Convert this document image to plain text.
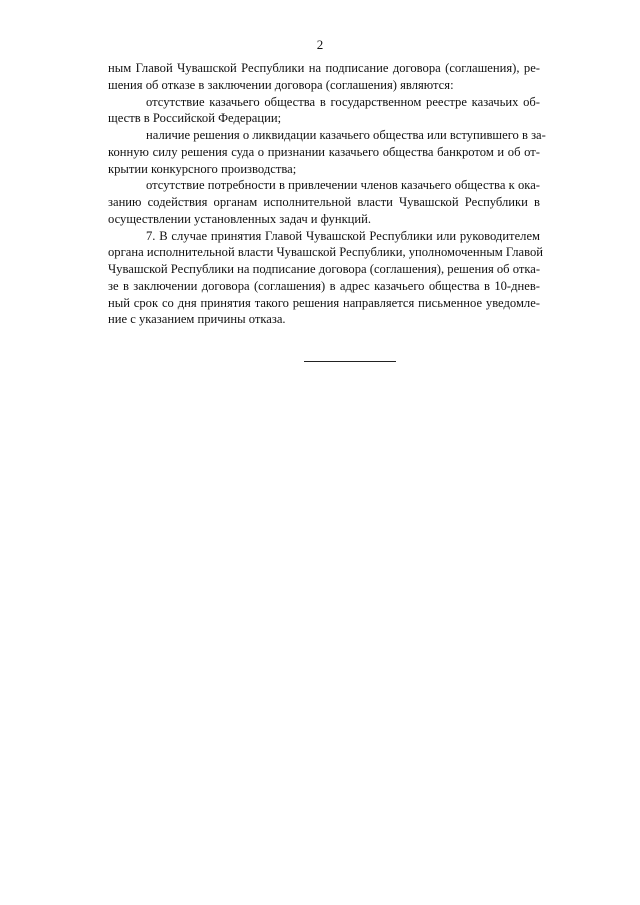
2
ным Главой Чувашской Республики на подписание договора (соглашения), ре-
шения об отказе в заключении договора (соглашения) являются:
отсутствие казачьего общества в государственном реестре казачьих об-
ществ в Российской Федерации;
наличие решения о ликвидации казачьего общества или вступившего в за-
конную силу решения суда о признании казачьего общества банкротом и об от-
крытии конкурсного производства;
отсутствие потребности в привлечении членов казачьего общества к ока-
занию содействия органам исполнительной власти Чувашской Республики в
осуществлении установленных задач и функций.
7. В случае принятия Главой Чувашской Республики или руководителем
органа исполнительной власти Чувашской Республики, уполномоченным Главой
Чувашской Республики на подписание договора (соглашения), решения об отка-
зе в заключении договора (соглашения) в адрес казачьего общества в 10-днев-
ный срок со дня принятия такого решения направляется письменное уведомле-
ние с указанием причины отказа.
